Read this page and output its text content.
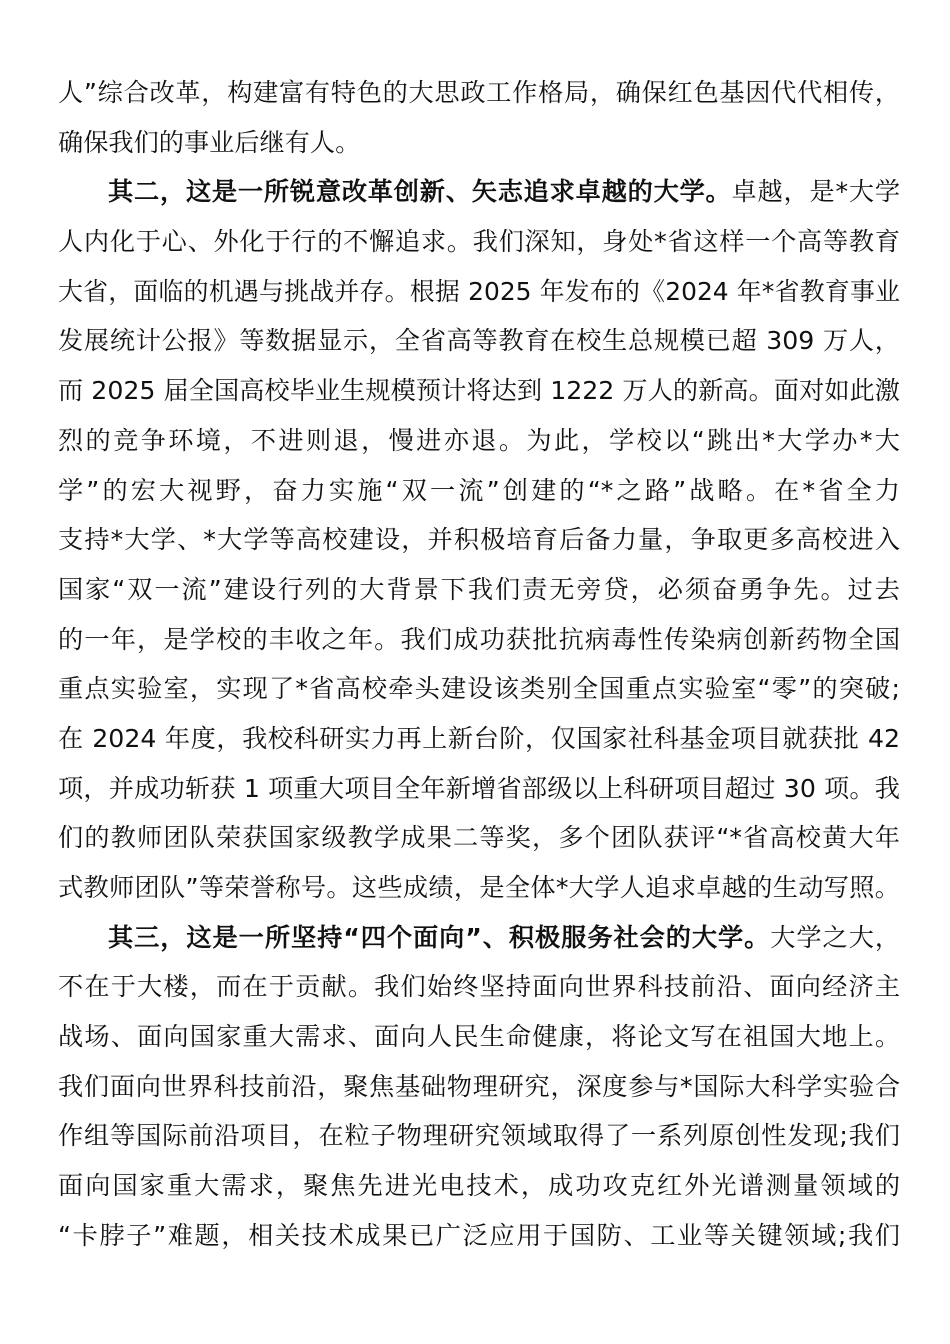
人”综合改革，构建富有特色的大思政工作格局，确保红色基因代代相传，
确保我们的事业后继有人。
其二，这是一所锐意改革创新、矢志追求卓越的大学。卓越，是*大学
人内化于心、外化于行的不懈追求。我们深知，身处*省这样一个高等教育
大省，面临的机遇与挑战并存。根据 2025 年发布的《2024 年*省教育事业
发展统计公报》等数据显示，全省高等教育在校生总规模已超 309 万人，
而 2025 届全国高校毕业生规模预计将达到 1222 万人的新高。面对如此激
烈的竞争环境，不进则退，慢进亦退。为此，学校以“跳出*大学办*大
学”的宏大视野，奋力实施“双一流”创建的“*之路”战略。在*省全力
支持*大学、*大学等高校建设，并积极培育后备力量，争取更多高校进入
国家“双一流”建设行列的大背景下我们责无旁贷，必须奋勇争先。过去
的一年，是学校的丰收之年。我们成功获批抗病毒性传染病创新药物全国
重点实验室，实现了*省高校牵头建设该类别全国重点实验室“零”的突破;
在 2024 年度，我校科研实力再上新台阶，仅国家社科基金项目就获批 42
项，并成功斩获 1 项重大项目全年新增省部级以上科研项目超过 30 项。我
们的教师团队荣获国家级教学成果二等奖，多个团队获评“*省高校黄大年
式教师团队”等荣誉称号。这些成绩，是全体*大学人追求卓越的生动写照。
其三，这是一所坚持“四个面向”、积极服务社会的大学。大学之大，
不在于大楼，而在于贡献。我们始终坚持面向世界科技前沿、面向经济主
战场、面向国家重大需求、面向人民生命健康，将论文写在祖国大地上。
我们面向世界科技前沿，聚焦基础物理研究，深度参与*国际大科学实验合
作组等国际前沿项目，在粒子物理研究领域取得了一系列原创性发现;我们
面向国家重大需求，聚焦先进光电技术，成功攻克红外光谱测量领域的
“卡脖子”难题，相关技术成果已广泛应用于国防、工业等关键领域;我们
